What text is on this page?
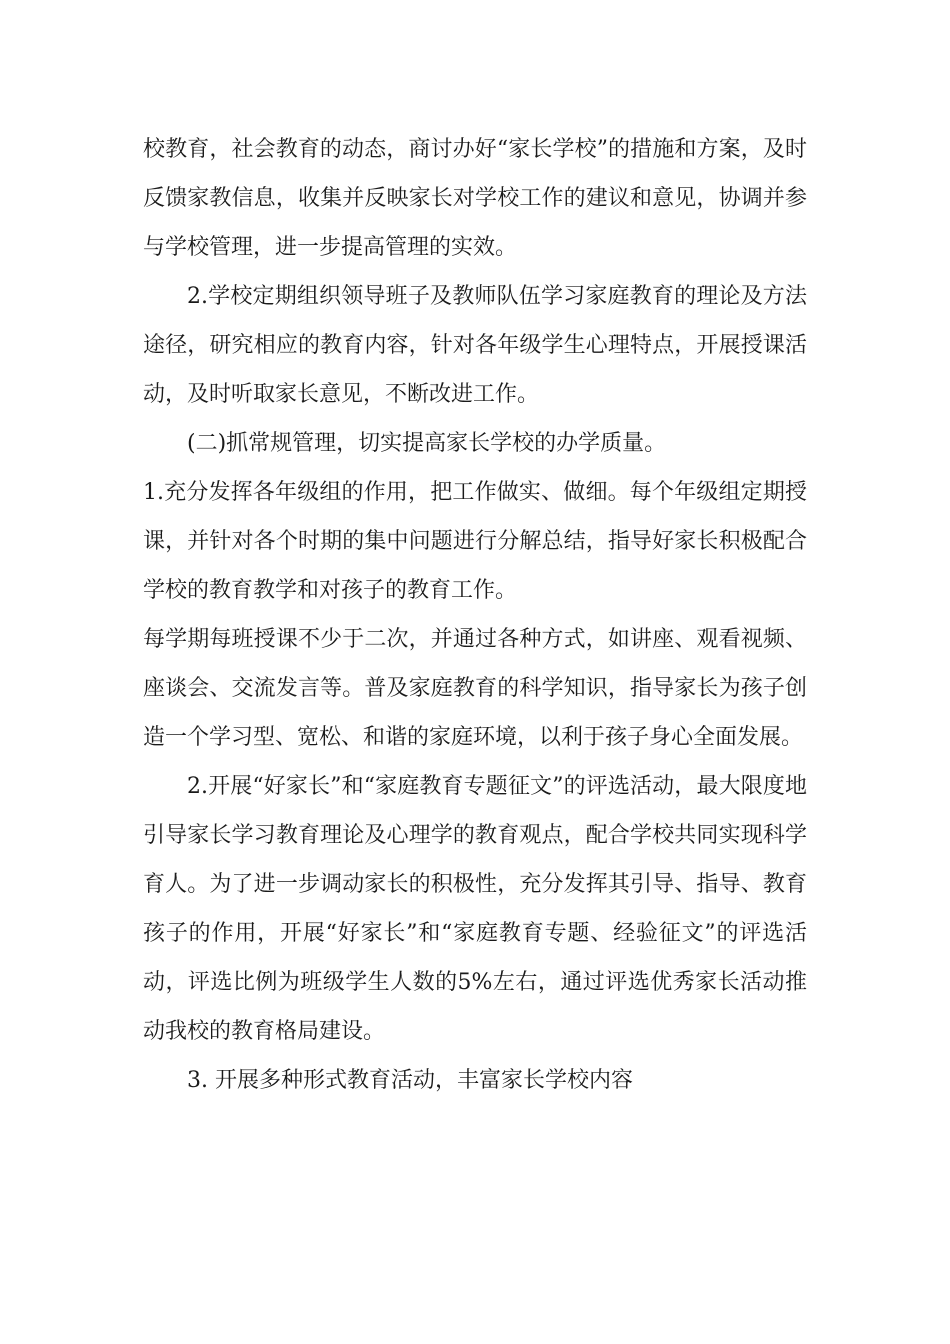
校教育，社会教育的动态，商讨办好“家长学校”的措施和方案，及时反馈家教信息，收集并反映家长对学校工作的建议和意见，协调并参与学校管理，进一步提高管理的实效。

2.学校定期组织领导班子及教师队伍学习家庭教育的理论及方法途径，研究相应的教育内容，针对各年级学生心理特点，开展授课活动，及时听取家长意见，不断改进工作。

(二)抓常规管理，切实提高家长学校的办学质量。

1.充分发挥各年级组的作用，把工作做实、做细。每个年级组定期授课，并针对各个时期的集中问题进行分解总结，指导好家长积极配合学校的教育教学和对孩子的教育工作。

每学期每班授课不少于二次，并通过各种方式，如讲座、观看视频、座谈会、交流发言等。普及家庭教育的科学知识，指导家长为孩子创造一个学习型、宽松、和谐的家庭环境，以利于孩子身心全面发展。

2.开展“好家长”和“家庭教育专题征文”的评选活动，最大限度地引导家长学习教育理论及心理学的教育观点，配合学校共同实现科学育人。为了进一步调动家长的积极性，充分发挥其引导、指导、教育孩子的作用，开展“好家长”和“家庭教育专题、经验征文”的评选活动，评选比例为班级学生人数的5%左右，通过评选优秀家长活动推动我校的教育格局建设。

3. 开展多种形式教育活动，丰富家长学校内容
